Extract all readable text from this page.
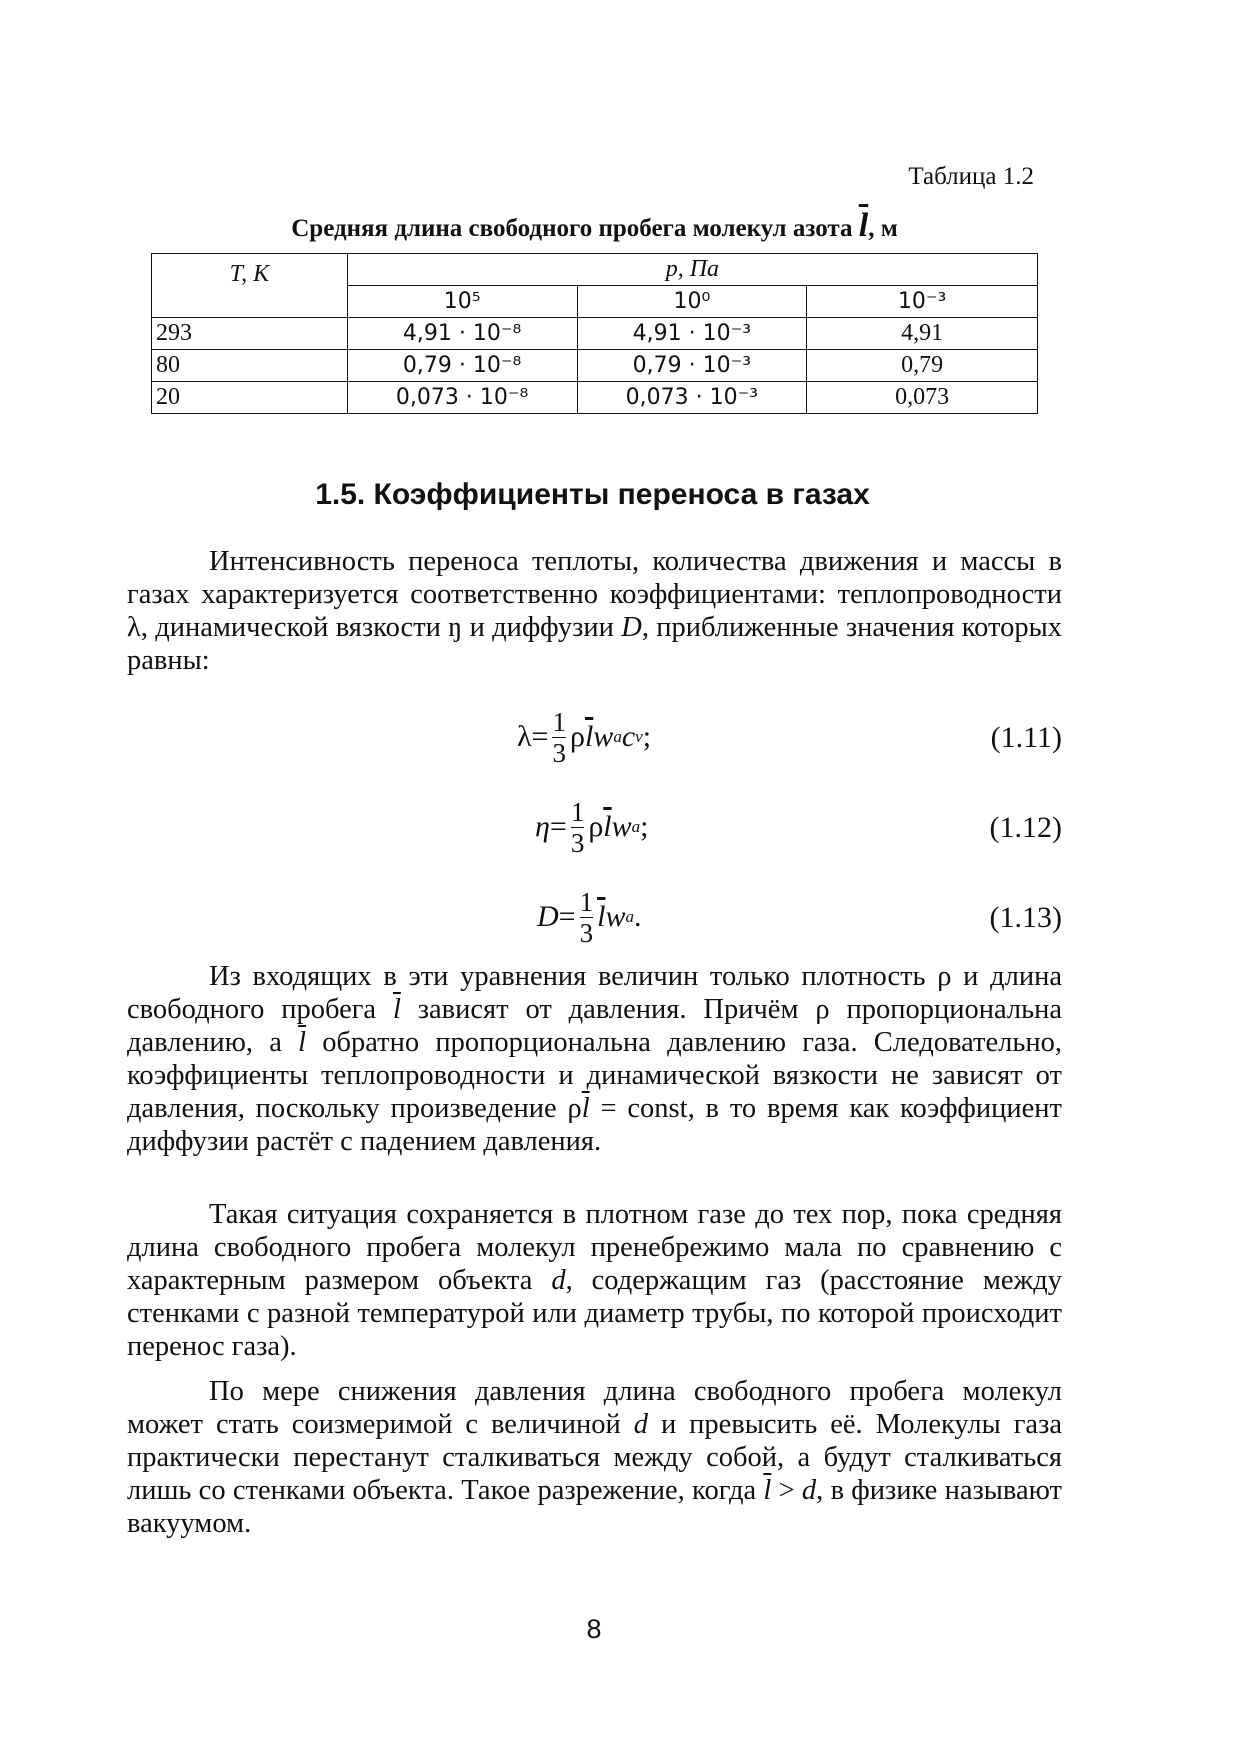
Таблица 1.2
Средняя длина свободного пробега молекул азота $\overline{l}$, м
T, К	p, Па		
	10⁵	10⁰	10⁻³
293	4,91 · 10⁻⁸	4,91 · 10⁻³	4,91
80	0,79 · 10⁻⁸	0,79 · 10⁻³	0,79
20	0,073 · 10⁻⁸	0,073 · 10⁻³	0,073
1.5. Коэффициенты переноса в газах
Интенсивность переноса теплоты, количества движения и массы в газах характеризуется соответственно коэффициентами: теплопроводности λ, динамической вязкости ŋ и диффузии D, приближенные значения которых равны:
$\lambda = \frac{1}{3}$ ρ $\overline{l}$ w a c v ;	(1.11)
$\eta = \frac{1}{3}$ ρ $\overline{l}$ w a ;	(1.12)
$D = \frac{1}{3} \overline{l}$ w a .	(1.13)
Из входящих в эти уравнения величин только плотность ρ и длина свободного пробега $\overline{l}$ зависят от давления. Причём ρ пропорциональна давлению, а $\overline{l}$ обратно пропорциональна давлению газа. Следовательно, коэффициенты теплопроводности и динамической вязкости не зависят от давления, поскольку произведение $\rho\overline{l}$ = const, в то время как коэффициент диффузии растёт с падением давления.
Такая ситуация сохраняется в плотном газе до тех пор, пока средняя длина свободного пробега молекул пренебрежимо мала по сравнению с характерным размером объекта d, содержащим газ (расстояние между стенками с разной температурой или диаметр трубы, по которой происходит перенос газа).
По мере снижения давления длина свободного пробега молекул может стать соизмеримой с величиной d и превысить её. Молекулы газа практически перестанут сталкиваться между собой, а будут сталкиваться лишь со стенками объекта. Такое разрежение, когда $\overline{l} > d$, в физике называют вакуумом.
8
